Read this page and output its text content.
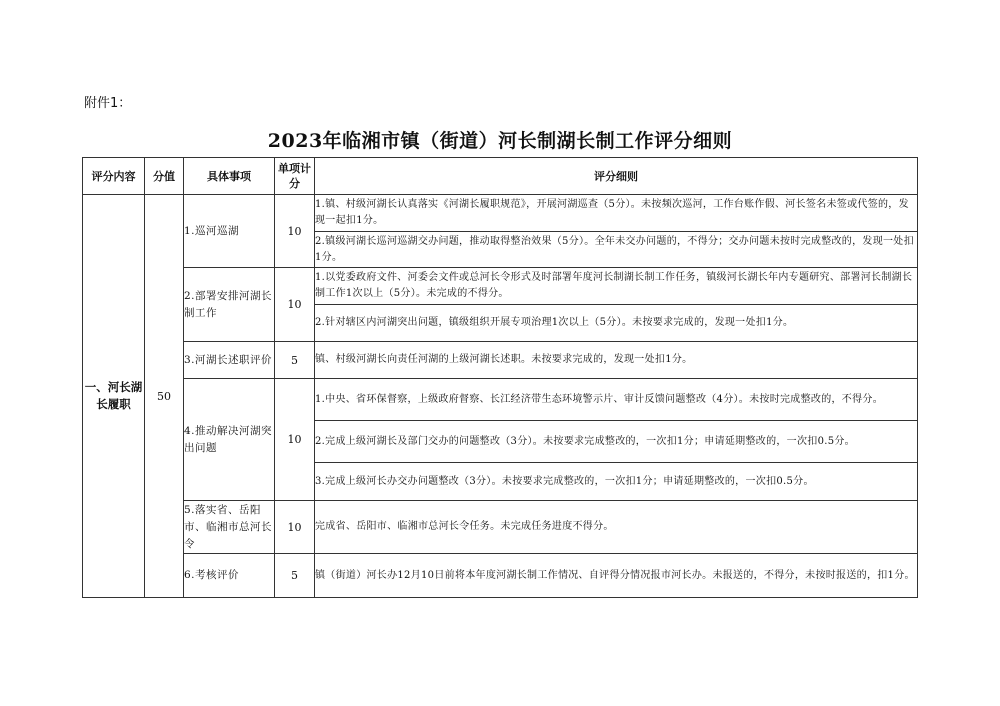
附件1：
2023年临湘市镇（街道）河长制湖长制工作评分细则
评分内容	分值	具体事项	单项计分	评分细则
一、河长湖长履职	50	1.巡河巡湖	10	1.镇、村级河湖长认真落实《河湖长履职规范》，开展河湖巡查（5分）。未按频次巡河，工作台账作假、河长签名未签或代签的，发现一起扣1分。
				2.镇级河湖长巡河巡湖交办问题，推动取得整治效果（5分）。全年未交办问题的，不得分；交办问题未按时完成整改的，发现一处扣1分。
		2.部署安排河湖长制工作	10	1.以党委政府文件、河委会文件或总河长令形式及时部署年度河长制湖长制工作任务，镇级河长湖长年内专题研究、部署河长制湖长制工作1次以上（5分）。未完成的不得分。
				2.针对辖区内河湖突出问题，镇级组织开展专项治理1次以上（5分）。未按要求完成的，发现一处扣1分。
		3.河湖长述职评价	5	镇、村级河湖长向责任河湖的上级河湖长述职。未按要求完成的，发现一处扣1分。
		4.推动解决河湖突出问题	10	1.中央、省环保督察，上级政府督察、长江经济带生态环境警示片、审计反馈问题整改（4分）。未按时完成整改的，不得分。
				2.完成上级河湖长及部门交办的问题整改（3分）。未按要求完成整改的，一次扣1分；申请延期整改的，一次扣0.5分。
				3.完成上级河长办交办问题整改（3分）。未按要求完成整改的，一次扣1分；申请延期整改的，一次扣0.5分。
		5.落实省、岳阳市、临湘市总河长令	10	完成省、岳阳市、临湘市总河长令任务。未完成任务进度不得分。
		6.考核评价	5	镇（街道）河长办12月10日前将本年度河湖长制工作情况、自评得分情况报市河长办。未报送的，不得分，未按时报送的，扣1分。
